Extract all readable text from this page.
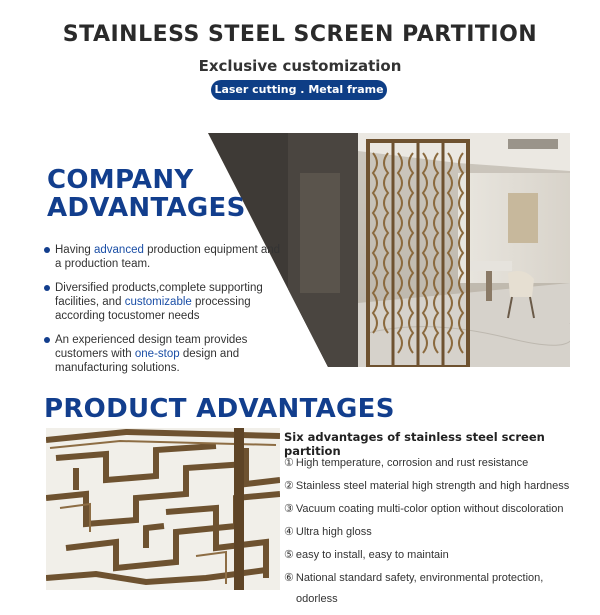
STAINLESS STEEL SCREEN PARTITION
Exclusive customization
Laser cutting . Metal frame
COMPANY
ADVANTAGES
Having advanced production equipment and a production team.
Diversified products,complete supporting facilities, and customizable processing according tocustomer needs
An experienced design team provides customers with one-stop design and manufacturing solutions.
PRODUCT ADVANTAGES
Six advantages of stainless steel screen partition
① High temperature, corrosion and rust resistance
② Stainless steel material high strength and high hardness
③ Vacuum coating multi-color option without discoloration
④ Ultra high gloss
⑤ easy to install, easy to maintain
⑥ National standard safety, environmental protection,
odorless
